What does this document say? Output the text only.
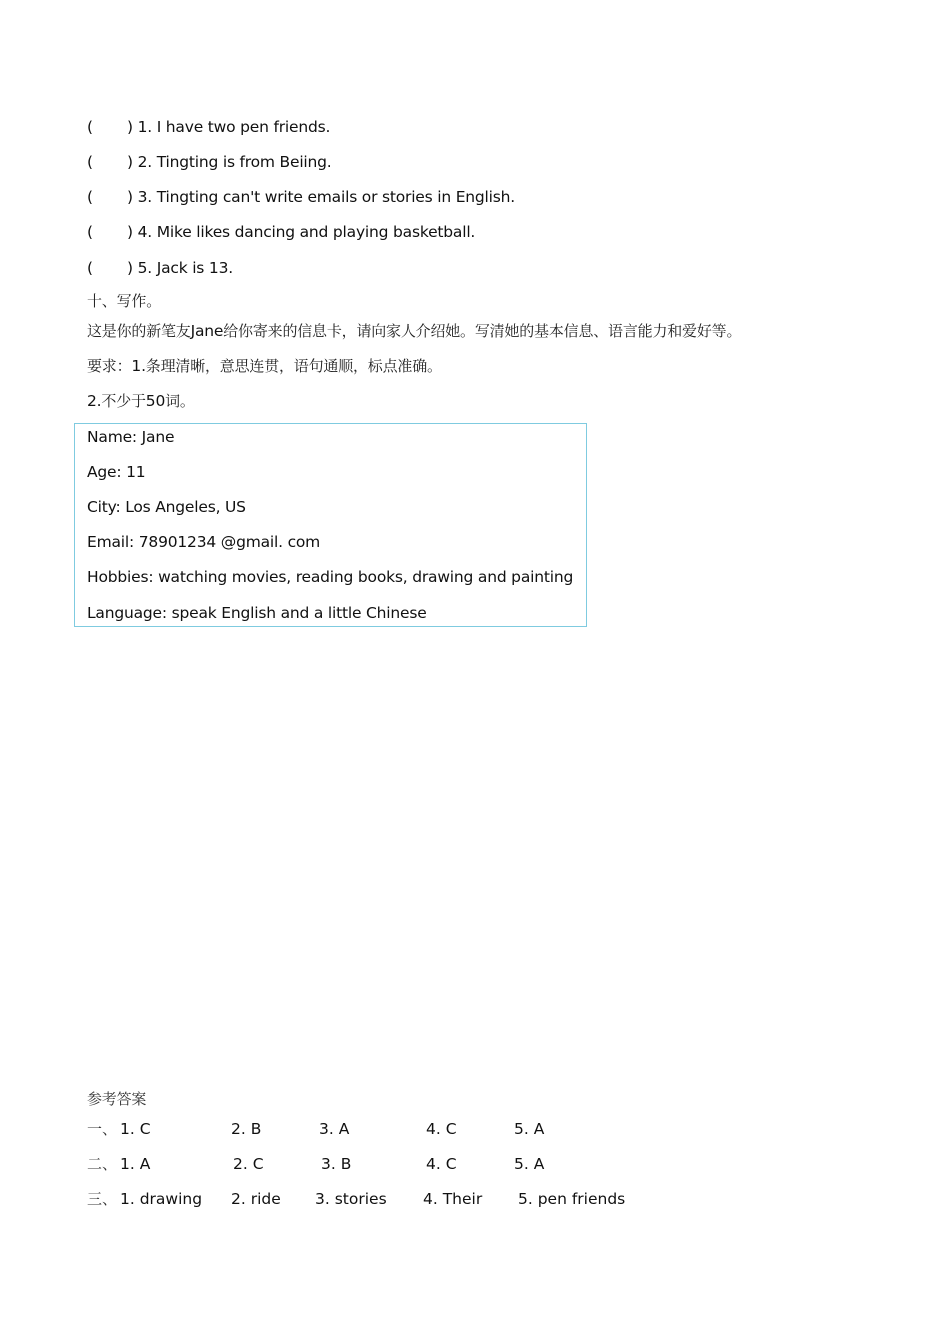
( ) 1. I have two pen friends.
( ) 2. Tingting is from Beiing.
( ) 3. Tingting can't write emails or stories in English.
( ) 4. Mike likes dancing and playing basketball.
( ) 5. Jack is 13.
十、写作。
这是你的新笔友Jane给你寄来的信息卡，请向家人介绍她。写清她的基本信息、语言能力和爱好等。
要求：1.条理清晰，意思连贯，语句通顺，标点准确。
2.不少于50词。
Name: Jane
Age: 11
City: Los Angeles, US
Email: 78901234 @gmail. com
Hobbies: watching movies, reading books, drawing and painting
Language: speak English and a little Chinese
参考答案
一、 1. C	2. B	3. A	4. C	5. A
二、 1. A	2. C	3. B	4. C	5. A
三、 1. drawing 2. ride 3. stories 4. Their 5. pen friends
